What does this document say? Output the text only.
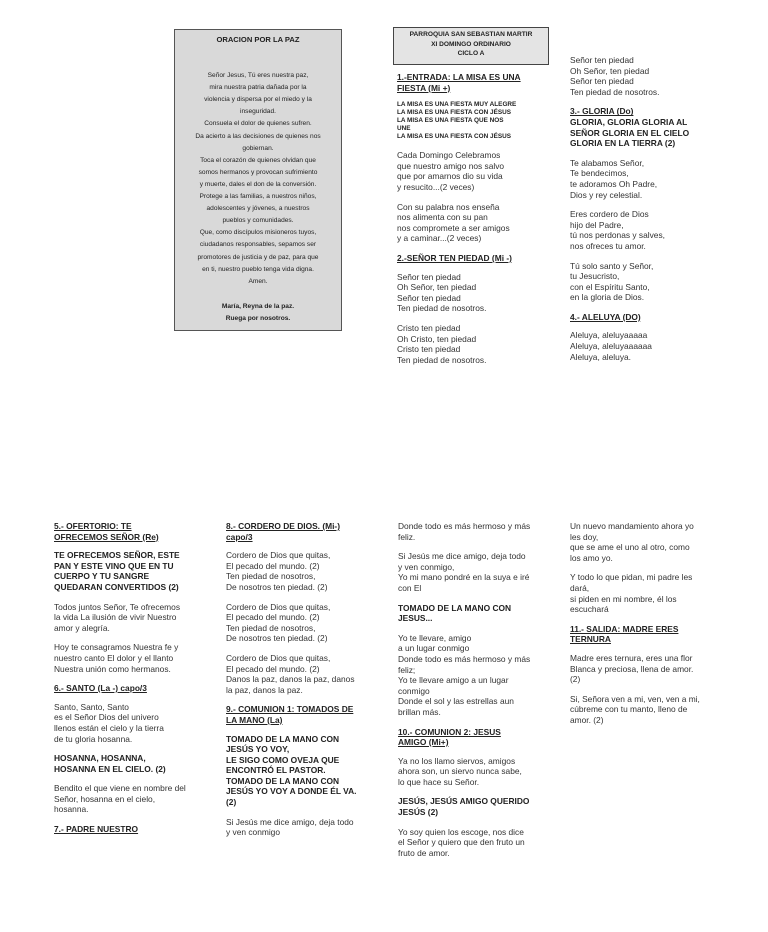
ORACION POR LA PAZ
Señor Jesus, Tú eres nuestra paz,
mira nuestra patria dañada por la
violencia y dispersa por el miedo y la
inseguridad.
Consuela el dolor de quienes sufren.
Da acierto a las decisiones de quienes nos
gobiernan.
Toca el corazón de quienes olvidan que
somos hermanos y provocan sufrimiento
y muerte, dales el don de la conversión.
Protege a las familias, a nuestros niños,
adolescentes y jóvenes, a nuestros
pueblos y comunidades.
Que, como discípulos misioneros tuyos,
ciudadanos responsables, sepamos ser
promotores de justicia y de paz, para que
en ti, nuestro pueblo tenga vida digna.
Amen.
María, Reyna de la paz.
Ruega por nosotros.
PARROQUIA SAN SEBASTIAN MARTIR
XI DOMINGO ORDINARIO
CICLO A
1.-ENTRADA: LA MISA ES UNA
FIESTA (Mi +)
LA MISA ES UNA FIESTA MUY ALEGRE
LA MISA ES UNA FIESTA CON JÉSUS
LA MISA ES UNA FIESTA QUE NOS
UNE
LA MISA ES UNA FIESTA CON JÉSUS

Cada Domingo Celebramos
que nuestro amigo nos salvo
que por amarnos dio su vida
y resucito...(2 veces)

Con su palabra nos enseña
nos alimenta con su pan
nos compromete a ser amigos
y a caminar...(2 veces)

2.-SEÑOR TEN PIEDAD (Mi -)

Señor ten piedad
Oh Señor, ten piedad
Señor ten piedad
Ten piedad de nosotros.

Cristo ten piedad
Oh Cristo, ten piedad
Cristo ten piedad
Ten piedad de nosotros.

Señor ten piedad
Oh Señor, ten piedad
Señor ten piedad
Ten piedad de nosotros.

3.- GLORIA (Do)
GLORIA, GLORIA GLORIA AL
SEÑOR GLORIA EN EL CIELO
GLORIA EN LA TIERRA (2)

Te alabamos Señor,
Te bendecimos,
te adoramos Oh Padre,
Dios y rey celestial.

Eres cordero de Dios
hijo del Padre,
tú nos perdonas y salves,
nos ofreces tu amor.

Tú solo santo y Señor,
tu Jesucristo,
con el Espíritu Santo,
en la gloria de Dios.

4.- ALELUYA (DO)

Aleluya, aleluyaaaaa
Aleluya, aleluyaaaaaa
Aleluya, aleluya.

5.- OFERTORIO: TE
OFRECEMOS SEÑOR (Re)
TE OFRECEMOS SEÑOR, ESTE
PAN Y ESTE VINO QUE EN TU
CUERPO Y TU SANGRE
QUEDARAN CONVERTIDOS (2)

Todos juntos Señor, Te ofrecemos
la vida La ilusión de vivir Nuestro
amor y alegría.

Hoy te consagramos Nuestra fe y
nuestro canto El dolor y el llanto
Nuestra unión como hermanos.

6.- SANTO (La -) capo/3

Santo, Santo, Santo
es el Señor Dios del univero
llenos están el cielo y la tierra
de tu gloria hosanna.

HOSANNA, HOSANNA,
HOSANNA EN EL CIELO. (2)

Bendito el que viene en nombre del
Señor, hosanna en el cielo,
hosanna.

7.- PADRE NUESTRO
8.- CORDERO DE DIOS. (Mi-)
capo/3

Cordero de Dios que quitas,
El pecado del mundo. (2)
Ten piedad de nosotros,
De nosotros ten piedad. (2)

Cordero de Dios que quitas,
El pecado del mundo. (2)
Ten piedad de nosotros,
De nosotros ten piedad. (2)

Cordero de Dios que quitas,
El pecado del mundo. (2)
Danos la paz, danos la paz, danos
la paz, danos la paz.

9.- COMUNION 1: TOMADOS DE
LA MANO (La)
TOMADO DE LA MANO CON
JESÚS YO VOY,
LE SIGO COMO OVEJA QUE
ENCONTRÓ EL PASTOR.
TOMADO DE LA MANO CON
JESÚS YO VOY A DONDE ÉL VA.
(2)

Si Jesús me dice amigo, deja todo
y ven conmigo

Donde todo es más hermoso y más
feliz.

Si Jesús me dice amigo, deja todo
y ven conmigo,
Yo mi mano pondré en la suya e iré
con El

TOMADO DE LA MANO CON
JESUS...

Yo te llevare, amigo
a un lugar conmigo
Donde todo es más hermoso y más
feliz;
Yo te llevare amigo a un lugar
conmigo
Donde el sol y las estrellas aun
brillan más.

10.- COMUNION 2: JESUS
AMIGO (Mi+)

Ya no los llamo siervos, amigos
ahora son, un siervo nunca sabe,
lo que hace su Señor.

JESÚS, JESÚS AMIGO QUERIDO
JESÚS (2)

Yo soy quien los escoge, nos dice
el Señor y quiero que den fruto un
fruto de amor.

Un nuevo mandamiento ahora yo
les doy,
que se ame el uno al otro, como
los amo yo.

Y todo lo que pidan, mi padre les
dará,
si piden en mi nombre, él los
escuchará

11.- SALIDA: MADRE ERES
TERNURA

Madre eres ternura, eres una flor
Blanca y preciosa, llena de amor.
(2)

Si, Señora ven a mi, ven, ven a mi,
cúbreme con tu manto, lleno de
amor. (2)
